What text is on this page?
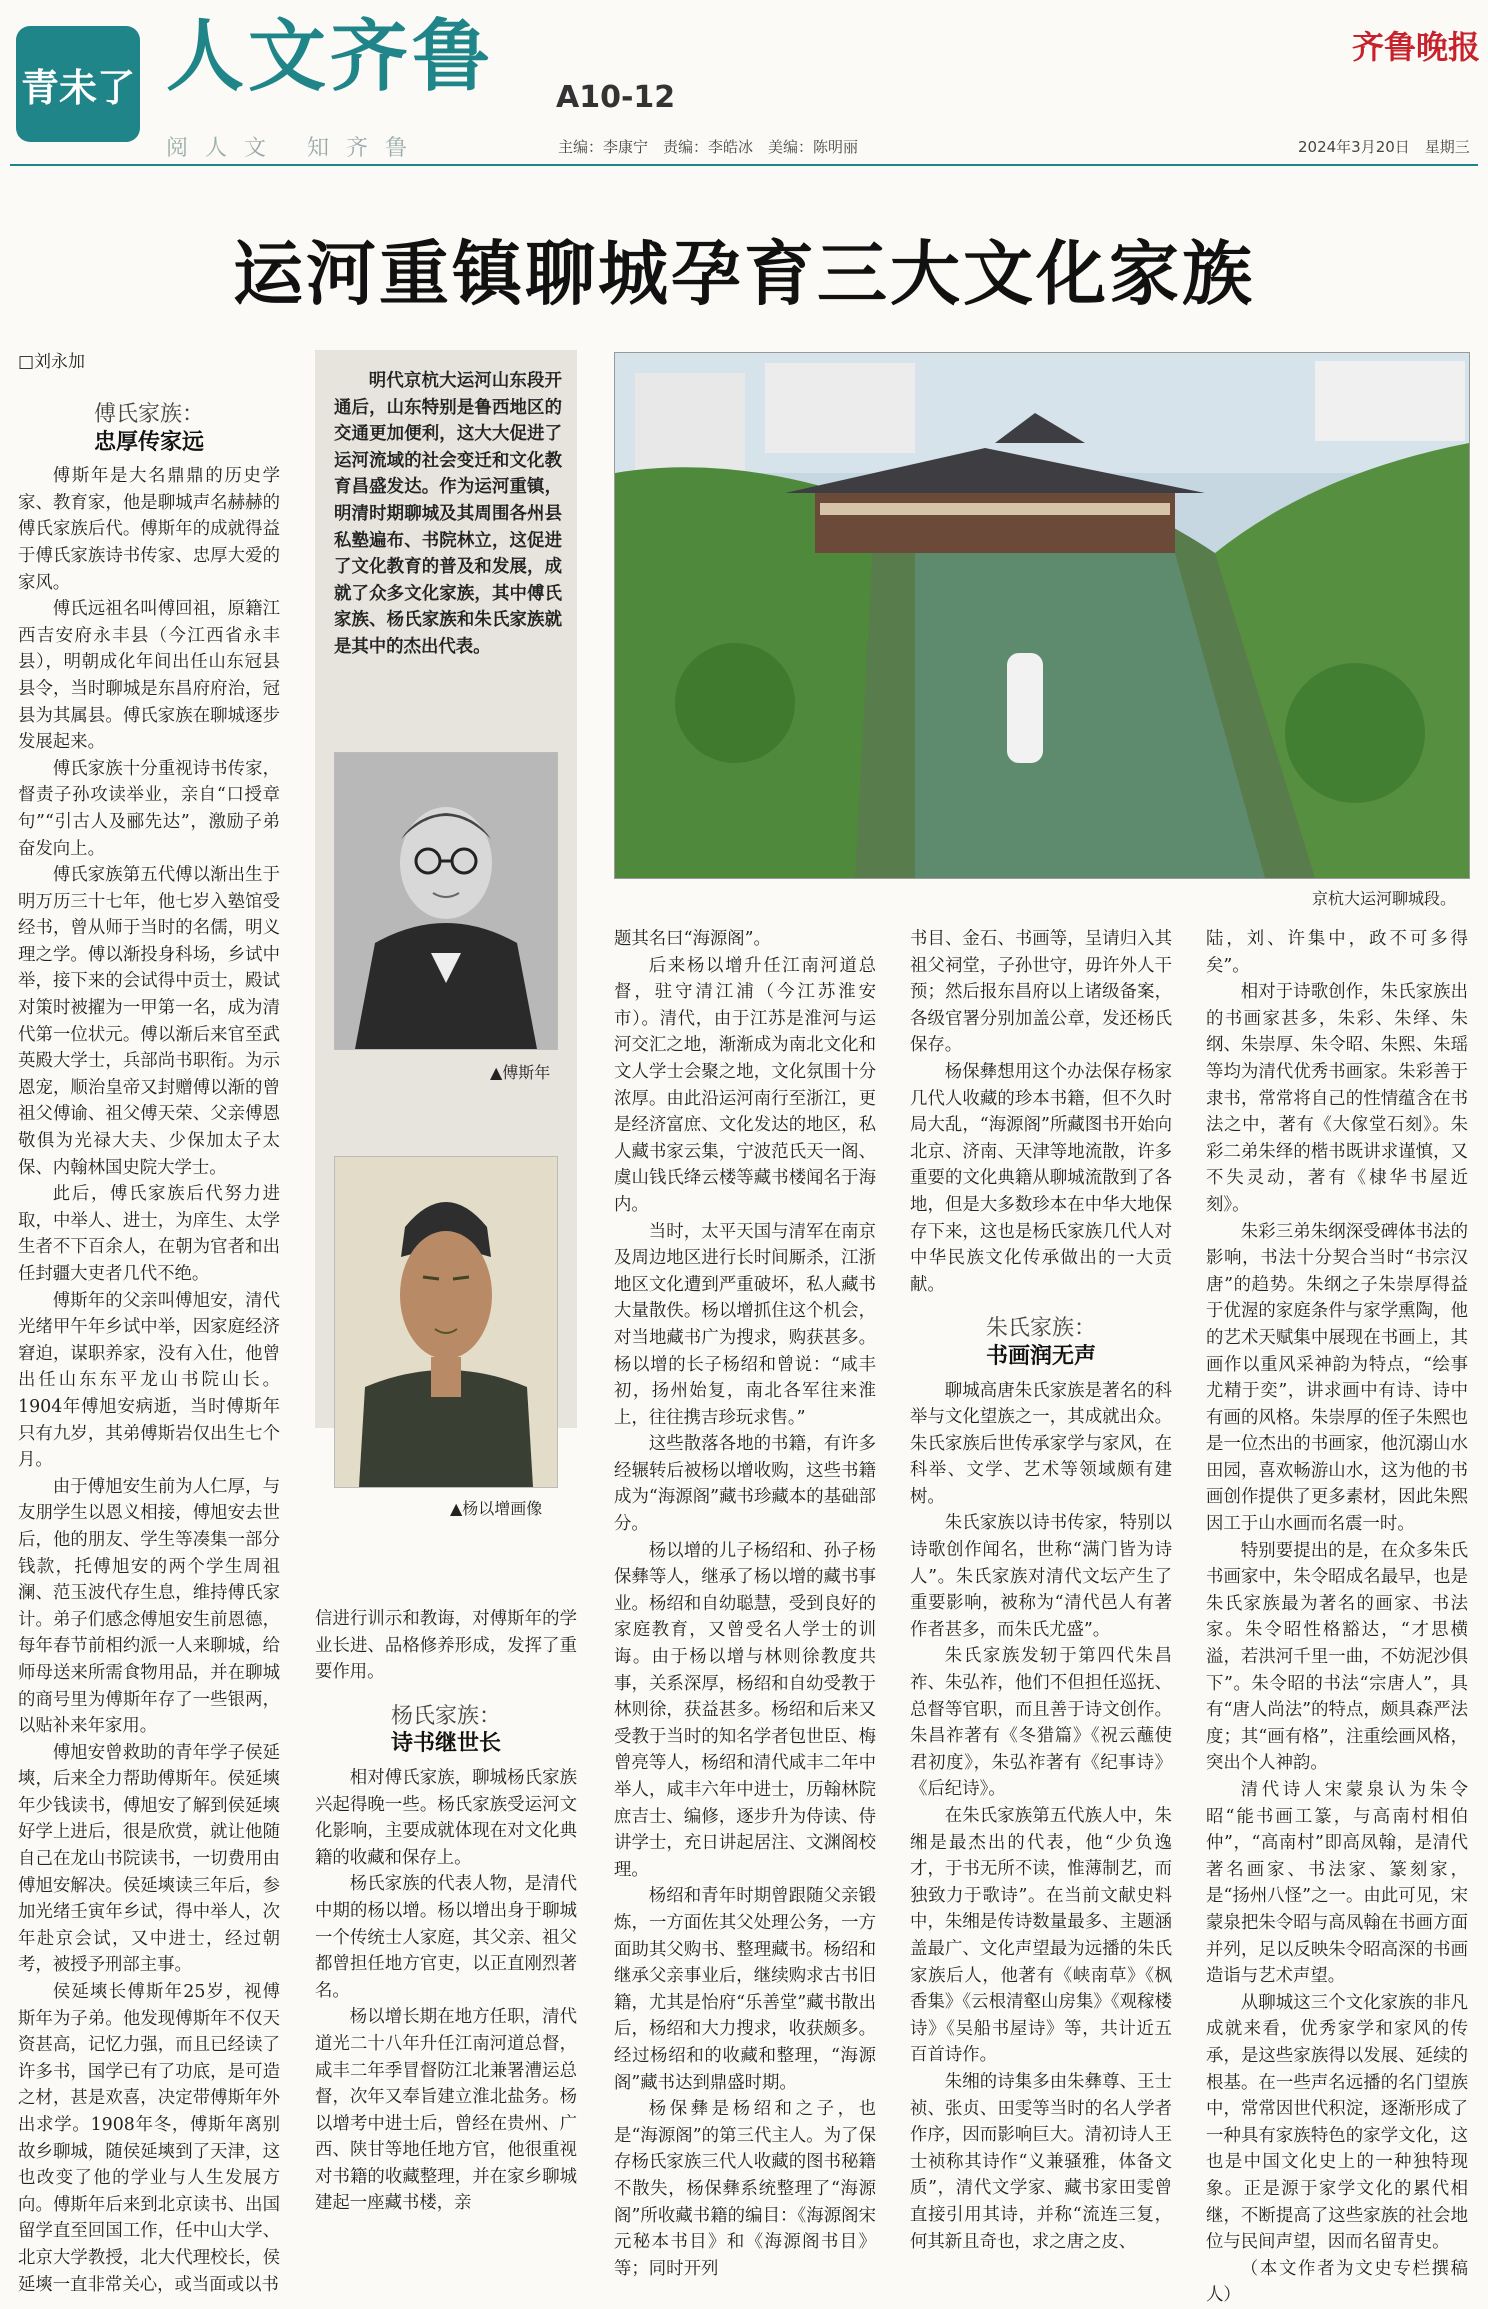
青未了 人文齐鲁 A10-12
齐鲁晚报
阅人文 知齐鲁	主编：李康宁　责编：李皓冰　美编：陈明丽	2024年3月20日　星期三
运河重镇聊城孕育三大文化家族
□刘永加
傅氏家族：
忠厚传家远

傅斯年是大名鼎鼎的历史学家、教育家，他是聊城声名赫赫的傅氏家族后代。傅斯年的成就得益于傅氏家族诗书传家、忠厚大爱的家风。

傅氏远祖名叫傅回祖，原籍江西吉安府永丰县（今江西省永丰县），明朝成化年间出任山东冠县县令，当时聊城是东昌府府治，冠县为其属县。傅氏家族在聊城逐步发展起来。

傅氏家族十分重视诗书传家，督责子孙攻读举业，亲自“口授章句”“引古人及郦先达”，激励子弟奋发向上。

傅氏家族第五代傅以渐出生于明万历三十七年，他七岁入塾馆受经书，曾从师于当时的名儒，明义理之学。傅以渐投身科场，乡试中举，接下来的会试得中贡士，殿试对策时被擢为一甲第一名，成为清代第一位状元。傅以渐后来官至武英殿大学士，兵部尚书职衔。为示恩宠，顺治皇帝又封赠傅以渐的曾祖父傅谕、祖父傅天荣、父亲傅恩敬俱为光禄大夫、少保加太子太保、内翰林国史院大学士。

此后，傅氏家族后代努力进取，中举人、进士，为庠生、太学生者不下百余人，在朝为官者和出任封疆大吏者几代不绝。

傅斯年的父亲叫傅旭安，清代光绪甲午年乡试中举，因家庭经济窘迫，谋职养家，没有入仕，他曾出任山东东平龙山书院山长。1904年傅旭安病逝，当时傅斯年只有九岁，其弟傅斯岩仅出生七个月。

由于傅旭安生前为人仁厚，与友朋学生以恩义相接，傅旭安去世后，他的朋友、学生等凑集一部分钱款，托傅旭安的两个学生周祖澜、范玉波代存生息，维持傅氏家计。弟子们感念傅旭安生前恩德，每年春节前相约派一人来聊城，给师母送来所需食物用品，并在聊城的商号里为傅斯年存了一些银两，以贴补来年家用。

傅旭安曾救助的青年学子侯延塽，后来全力帮助傅斯年。侯延塽年少钱读书，傅旭安了解到侯延塽好学上进后，很是欣赏，就让他随自己在龙山书院读书，一切费用由傅旭安解决。侯延塽读三年后，参加光绪壬寅年乡试，得中举人，次年赴京会试，又中进士，经过朝考，被授予刑部主事。

侯延塽长傅斯年25岁，视傅斯年为子弟。他发现傅斯年不仅天资甚高，记忆力强，而且已经读了许多书，国学已有了功底，是可造之材，甚是欢喜，决定带傅斯年外出求学。1908年冬，傅斯年离别故乡聊城，随侯延塽到了天津，这也改变了他的学业与人生发展方向。傅斯年后来到北京读书、出国留学直至回国工作，任中山大学、北京大学教授，北大代理校长，侯延塽一直非常关心，或当面或以书

明代京杭大运河山东段开通后，山东特别是鲁西地区的交通更加便利，这大大促进了运河流域的社会变迁和文化教育昌盛发达。作为运河重镇，明清时期聊城及其周围各州县私塾遍布、书院林立，这促进了文化教育的普及和发展，成就了众多文化家族，其中傅氏家族、杨氏家族和朱氏家族就是其中的杰出代表。

▲傅斯年
▲杨以增画像
京杭大运河聊城段。

信进行训示和教诲，对傅斯年的学业长进、品格修养形成，发挥了重要作用。

杨氏家族：
诗书继世长

相对傅氏家族，聊城杨氏家族兴起得晚一些。杨氏家族受运河文化影响，主要成就体现在对文化典籍的收藏和保存上。

杨氏家族的代表人物，是清代中期的杨以增。杨以增出身于聊城一个传统士人家庭，其父亲、祖父都曾担任地方官吏，以正直刚烈著名。

杨以增长期在地方任职，清代道光二十八年升任江南河道总督，咸丰二年季冒督防江北兼署漕运总督，次年又奉旨建立淮北盐务。杨以增考中进士后，曾经在贵州、广西、陕甘等地任地方官，他很重视对书籍的收藏整理，并在家乡聊城建起一座藏书楼，亲

题其名曰“海源阁”。

后来杨以增升任江南河道总督，驻守清江浦（今江苏淮安市）。清代，由于江苏是淮河与运河交汇之地，渐渐成为南北文化和文人学士会聚之地，文化氛围十分浓厚。由此沿运河南行至浙江，更是经济富庶、文化发达的地区，私人藏书家云集，宁波范氏天一阁、虞山钱氏绛云楼等藏书楼闻名于海内。

当时，太平天国与清军在南京及周边地区进行长时间厮杀，江浙地区文化遭到严重破坏，私人藏书大量散佚。杨以增抓住这个机会，对当地藏书广为搜求，购获甚多。杨以增的长子杨绍和曾说：“咸丰初，扬州始复，南北各军往来淮上，往往携吉珍玩求售。”

这些散落各地的书籍，有许多经辗转后被杨以增收购，这些书籍成为“海源阁”藏书珍藏本的基础部分。

杨以增的儿子杨绍和、孙子杨保彝等人，继承了杨以增的藏书事业。杨绍和自幼聪慧，受到良好的家庭教育，又曾受名人学士的训诲。由于杨以增与林则徐教度共事，关系深厚，杨绍和自幼受教于林则徐，获益甚多。杨绍和后来又受教于当时的知名学者包世臣、梅曾亮等人，杨绍和清代咸丰二年中举人，咸丰六年中进士，历翰林院庶吉士、编修，逐步升为侍读、侍讲学士，充日讲起居注、文渊阁校理。

杨绍和青年时期曾跟随父亲锻炼，一方面佐其父处理公务，一方面助其父购书、整理藏书。杨绍和继承父亲事业后，继续购求古书旧籍，尤其是怡府“乐善堂”藏书散出后，杨绍和大力搜求，收获颇多。经过杨绍和的收藏和整理，“海源阁”藏书达到鼎盛时期。

杨保彝是杨绍和之子，也是“海源阁”的第三代主人。为了保存杨氏家族三代人收藏的图书秘籍不散失，杨保彝系统整理了“海源阁”所收藏书籍的编目：《海源阁宋元秘本书目》和《海源阁书目》等；同时开列

书目、金石、书画等，呈请归入其祖父祠堂，子孙世守，毋许外人干预；然后报东昌府以上诸级备案，各级官署分别加盖公章，发还杨氏保存。

杨保彝想用这个办法保存杨家几代人收藏的珍本书籍，但不久时局大乱，“海源阁”所藏图书开始向北京、济南、天津等地流散，许多重要的文化典籍从聊城流散到了各地，但是大多数珍本在中华大地保存下来，这也是杨氏家族几代人对中华民族文化传承做出的一大贡献。

朱氏家族：
书画润无声

聊城高唐朱氏家族是著名的科举与文化望族之一，其成就出众。朱氏家族后世传承家学与家风，在科举、文学、艺术等领域颇有建树。

朱氏家族以诗书传家，特别以诗歌创作闻名，世称“满门皆为诗人”。朱氏家族对清代文坛产生了重要影响，被称为“清代邑人有著作者甚多，而朱氏尤盛”。

朱氏家族发轫于第四代朱昌祚、朱弘祚，他们不但担任巡抚、总督等官职，而且善于诗文创作。朱昌祚著有《冬猎篇》《祝云蘸使君初度》，朱弘祚著有《纪事诗》《后纪诗》。

在朱氏家族第五代族人中，朱缃是最杰出的代表，他“少负逸才，于书无所不读，惟薄制艺，而独致力于歌诗”。在当前文献史料中，朱缃是传诗数量最多、主题涵盖最广、文化声望最为远播的朱氏家族后人，他著有《峡南草》《枫香集》《云根清壑山房集》《观稼楼诗》《吴船书屋诗》等，共计近五百首诗作。

朱缃的诗集多由朱彝尊、王士祯、张贞、田雯等当时的名人学者作序，因而影响巨大。清初诗人王士祯称其诗作“义兼骚雅，体备文质”，清代文学家、藏书家田雯曾直接引用其诗，并称“流连三复，何其新且奇也，求之唐之皮、

陆，刘、许集中，政不可多得矣”。

相对于诗歌创作，朱氏家族出的书画家甚多，朱彩、朱绎、朱纲、朱崇厚、朱令昭、朱熙、朱瑶等均为清代优秀书画家。朱彩善于隶书，常常将自己的性情蕴含在书法之中，著有《大傢堂石刻》。朱彩二弟朱绎的楷书既讲求谨慎，又不失灵动，著有《棣华书屋近刻》。

朱彩三弟朱纲深受碑体书法的影响，书法十分契合当时“书宗汉唐”的趋势。朱纲之子朱崇厚得益于优渥的家庭条件与家学熏陶，他的艺术天赋集中展现在书画上，其画作以重风采神韵为特点，“绘事尤精于奕”，讲求画中有诗、诗中有画的风格。朱崇厚的侄子朱熙也是一位杰出的书画家，他沉溺山水田园，喜欢畅游山水，这为他的书画创作提供了更多素材，因此朱熙因工于山水画而名震一时。

特别要提出的是，在众多朱氏书画家中，朱令昭成名最早，也是朱氏家族最为著名的画家、书法家。朱令昭性格豁达，“才思横溢，若洪河千里一曲，不妨泥沙俱下”。朱令昭的书法“宗唐人”，具有“唐人尚法”的特点，颇具森严法度；其“画有格”，注重绘画风格，突出个人神韵。

清代诗人宋蒙泉认为朱令昭“能书画工篆，与高南村相伯仲”，“高南村”即高凤翰，是清代著名画家、书法家、篆刻家，是“扬州八怪”之一。由此可见，宋蒙泉把朱令昭与高凤翰在书画方面并列，足以反映朱令昭高深的书画造诣与艺术声望。

从聊城这三个文化家族的非凡成就来看，优秀家学和家风的传承，是这些家族得以发展、延续的根基。在一些声名远播的名门望族中，常常因世代积淀，逐渐形成了一种具有家族特色的家学文化，这也是中国文化史上的一种独特现象。正是源于家学文化的累代相继，不断提高了这些家族的社会地位与民间声望，因而名留青史。

（本文作者为文史专栏撰稿人）
